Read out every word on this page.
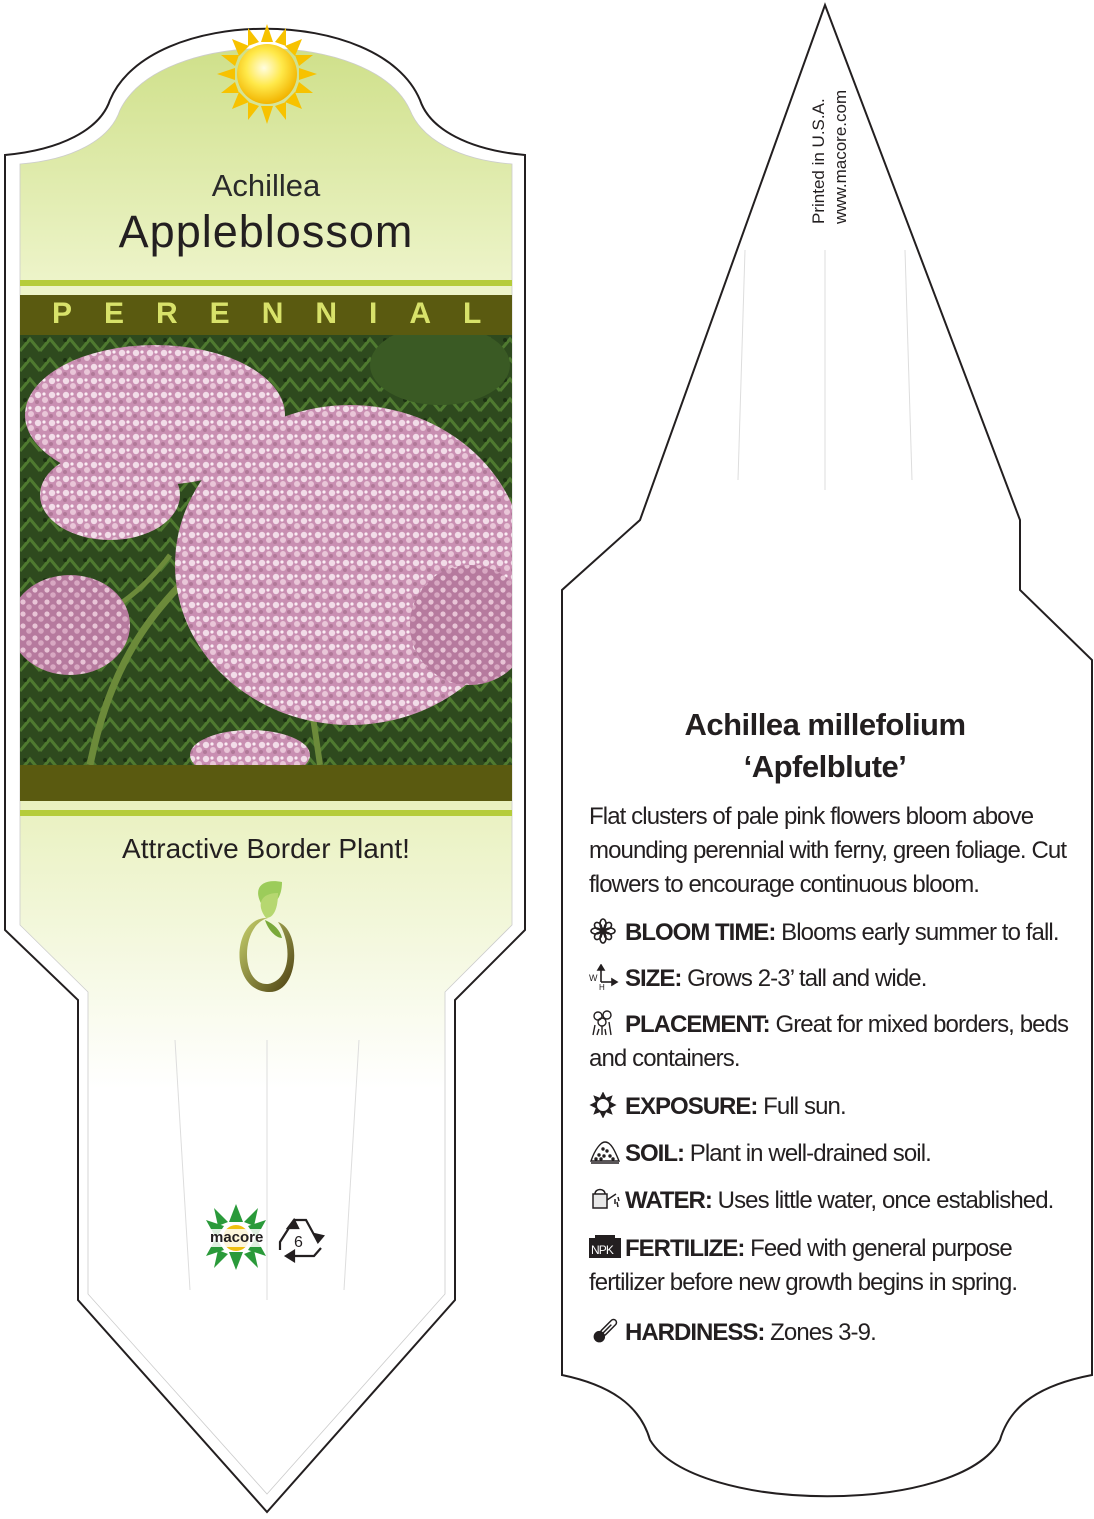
Achillea
Appleblossom
PERENNIAL
Attractive Border Plant!
macore 6
Printed in U.S.A. www.macore.com
Achillea millefolium
‘Apfelblute’
Flat clusters of pale pink flowers bloom above mounding perennial with ferny, green foliage. Cut flowers to encourage continuous bloom.
BLOOM TIME: Blooms early summer to fall.
W
H SIZE: Grows 2-3’ tall and wide.
PLACEMENT: Great for mixed borders, beds and containers.
EXPOSURE: Full sun.
SOIL: Plant in well-drained soil.
WATER: Uses little water, once established.
NPK FERTILIZE: Feed with general purpose fertilizer before new growth begins in spring.
HARDINESS: Zones 3-9.
